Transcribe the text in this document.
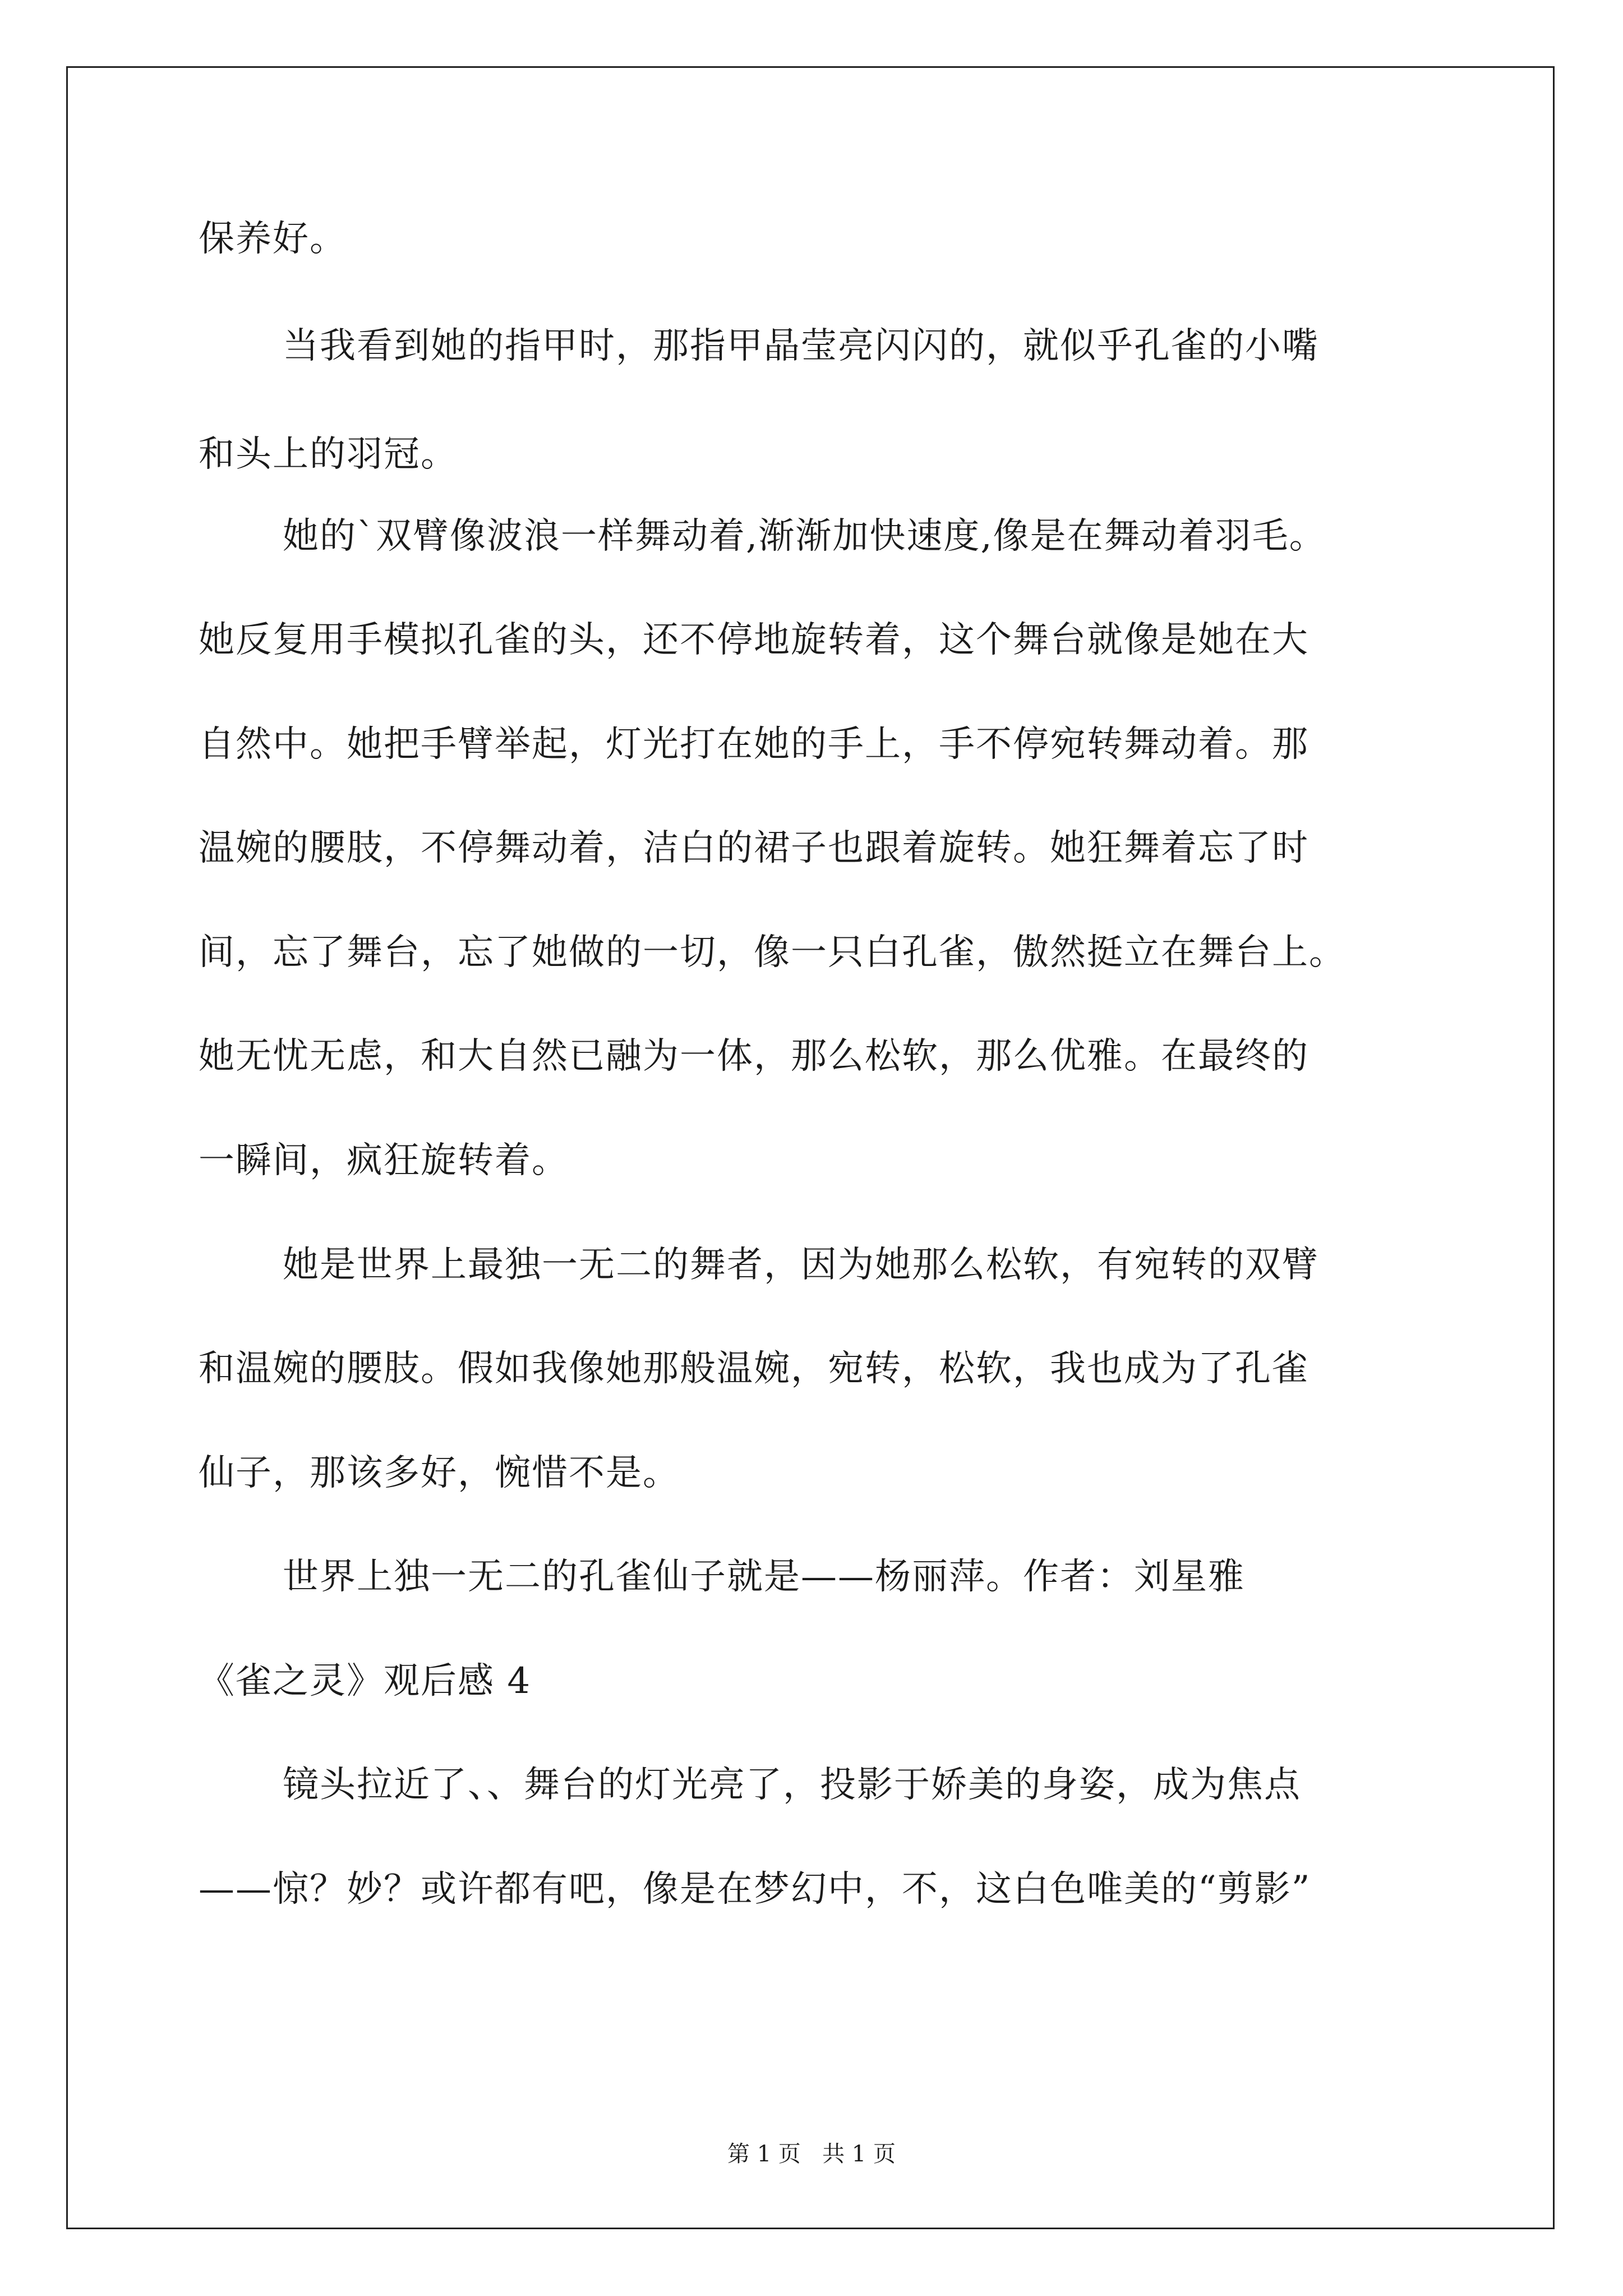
保养好。
当我看到她的指甲时，那指甲晶莹亮闪闪的，就似乎孔雀的小嘴
和头上的羽冠。
她的`双臂像波浪一样舞动着,渐渐加快速度,像是在舞动着羽毛。
她反复用手模拟孔雀的头，还不停地旋转着，这个舞台就像是她在大
自然中。她把手臂举起，灯光打在她的手上，手不停宛转舞动着。那
温婉的腰肢，不停舞动着，洁白的裙子也跟着旋转。她狂舞着忘了时
间，忘了舞台，忘了她做的一切，像一只白孔雀，傲然挺立在舞台上。
她无忧无虑，和大自然已融为一体，那么松软，那么优雅。在最终的
一瞬间，疯狂旋转着。
她是世界上最独一无二的舞者，因为她那么松软，有宛转的双臂
和温婉的腰肢。假如我像她那般温婉，宛转，松软，我也成为了孔雀
仙子，那该多好，惋惜不是。
世界上独一无二的孔雀仙子就是——杨丽萍。作者：刘星雅
《雀之灵》观后感 4
镜头拉近了、、舞台的灯光亮了，投影于娇美的身姿，成为焦点
——惊？妙？或许都有吧，像是在梦幻中，不，这白色唯美的“剪影”
第 1 页   共 1 页
